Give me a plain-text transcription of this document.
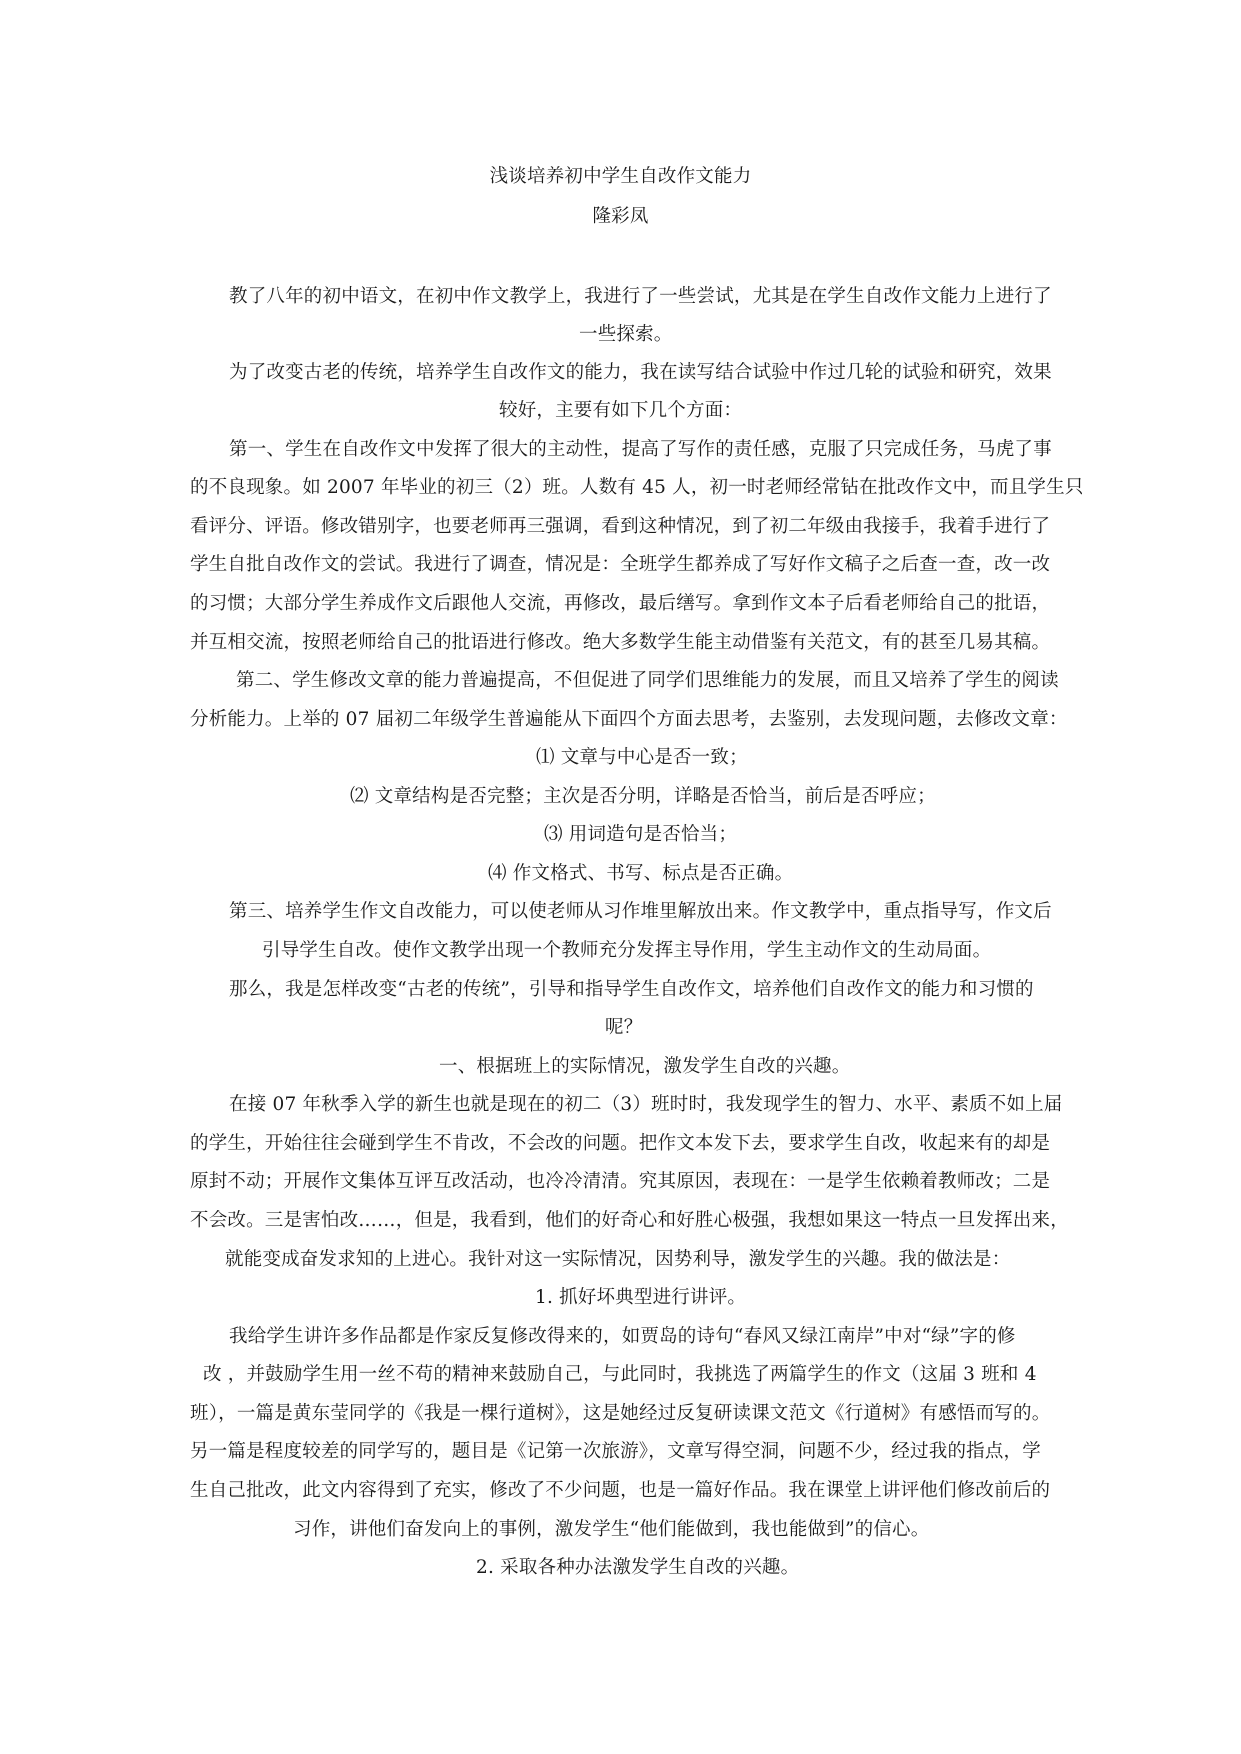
浅谈培养初中学生自改作文能力
隆彩凤
教了八年的初中语文，在初中作文教学上，我进行了一些尝试，尤其是在学生自改作文能力上进行了
一些探索。
为了改变古老的传统，培养学生自改作文的能力，我在读写结合试验中作过几轮的试验和研究，效果
较好，主要有如下几个方面：
第一、学生在自改作文中发挥了很大的主动性，提高了写作的责任感，克服了只完成任务，马虎了事
的不良现象。如 2007 年毕业的初三（2）班。人数有 45 人，初一时老师经常钻在批改作文中，而且学生只
看评分、评语。修改错别字，也要老师再三强调，看到这种情况，到了初二年级由我接手，我着手进行了
学生自批自改作文的尝试。我进行了调查，情况是：全班学生都养成了写好作文稿子之后查一查，改一改
的习惯；大部分学生养成作文后跟他人交流，再修改，最后缮写。拿到作文本子后看老师给自己的批语，
并互相交流，按照老师给自己的批语进行修改。绝大多数学生能主动借鉴有关范文，有的甚至几易其稿。
第二、学生修改文章的能力普遍提高，不但促进了同学们思维能力的发展，而且又培养了学生的阅读
分析能力。上举的 07 届初二年级学生普遍能从下面四个方面去思考，去鉴别，去发现问题，去修改文章：
⑴ 文章与中心是否一致；
⑵ 文章结构是否完整；主次是否分明，详略是否恰当，前后是否呼应；
⑶ 用词造句是否恰当；
⑷ 作文格式、书写、标点是否正确。
第三、培养学生作文自改能力，可以使老师从习作堆里解放出来。作文教学中，重点指导写，作文后
引导学生自改。使作文教学出现一个教师充分发挥主导作用，学生主动作文的生动局面。
那么，我是怎样改变“古老的传统”，引导和指导学生自改作文，培养他们自改作文的能力和习惯的
呢？
一、根据班上的实际情况，激发学生自改的兴趣。
在接 07 年秋季入学的新生也就是现在的初二（3）班时时，我发现学生的智力、水平、素质不如上届
的学生，开始往往会碰到学生不肯改，不会改的问题。把作文本发下去，要求学生自改，收起来有的却是
原封不动；开展作文集体互评互改活动，也冷冷清清。究其原因，表现在：一是学生依赖着教师改；二是
不会改。三是害怕改……，但是，我看到，他们的好奇心和好胜心极强，我想如果这一特点一旦发挥出来，
就能变成奋发求知的上进心。我针对这一实际情况，因势利导，激发学生的兴趣。我的做法是：
1. 抓好坏典型进行讲评。
我给学生讲许多作品都是作家反复修改得来的，如贾岛的诗句“春风又绿江南岸”中对“绿”字的修
改 ，并鼓励学生用一丝不苟的精神来鼓励自己，与此同时，我挑选了两篇学生的作文（这届 3 班和 4
班），一篇是黄东莹同学的《我是一棵行道树》，这是她经过反复研读课文范文《行道树》有感悟而写的。
另一篇是程度较差的同学写的，题目是《记第一次旅游》，文章写得空洞，问题不少，经过我的指点，学
生自己批改，此文内容得到了充实，修改了不少问题，也是一篇好作品。我在课堂上讲评他们修改前后的
习作，讲他们奋发向上的事例，激发学生“他们能做到，我也能做到”的信心。
2. 采取各种办法激发学生自改的兴趣。
